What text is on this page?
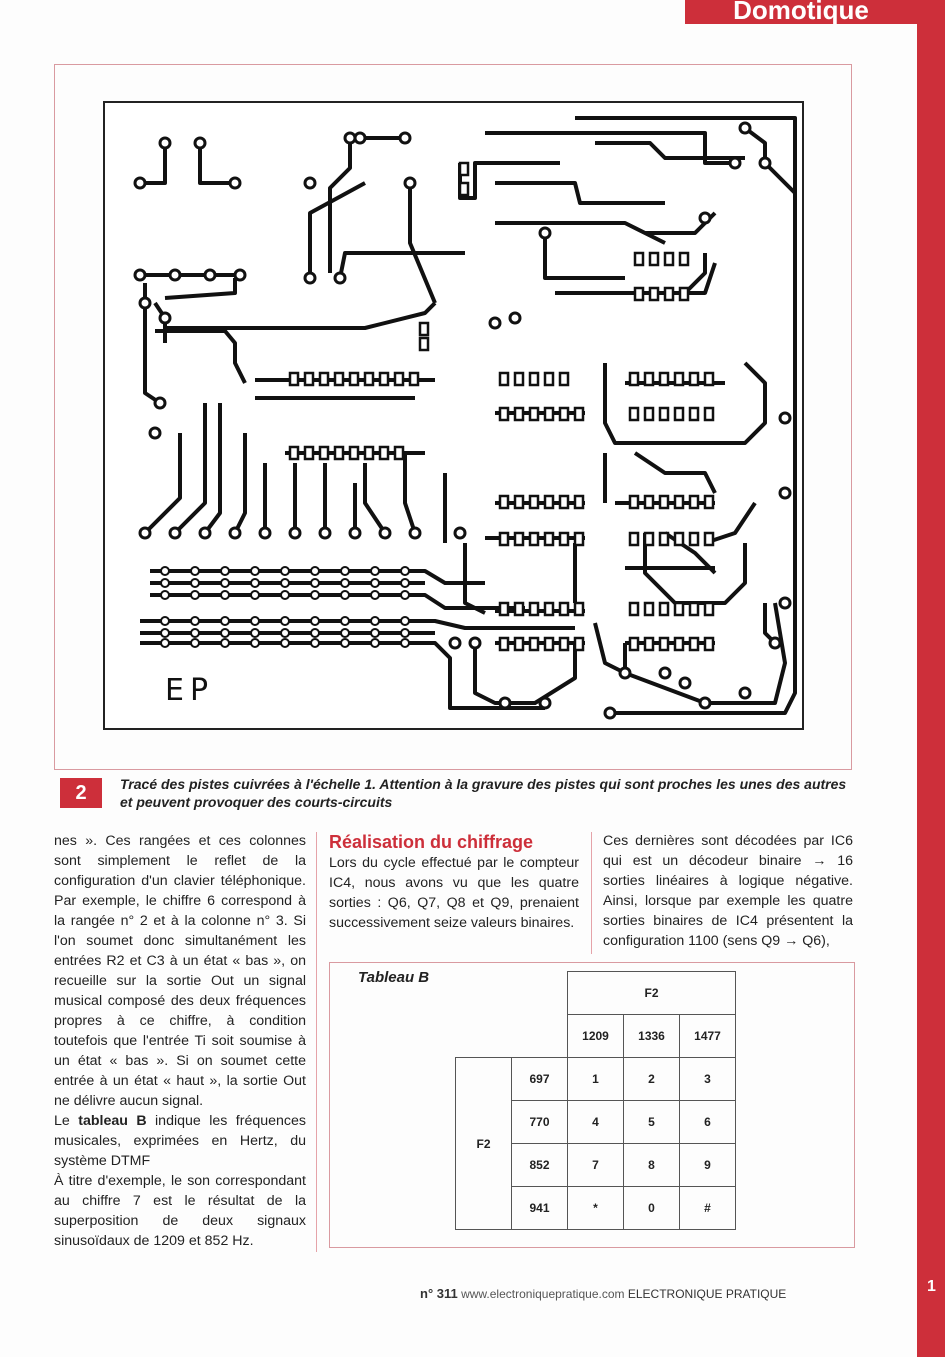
Domotique
1
EP
2	Tracé des pistes cuivrées à l'échelle 1. Attention à la gravure des pistes qui sont proches les unes des autres et peuvent provoquer des courts-circuits

nes ». Ces rangées et ces colonnes sont simplement le reflet de la configuration d'un clavier téléphonique. Par exemple, le chiffre 6 correspond à la rangée n° 2 et à la colonne n° 3. Si l'on soumet donc simultanément les entrées R2 et C3 à un état « bas », on recueille sur la sortie Out un signal musical composé des deux fréquences propres à ce chiffre, à condition toutefois que l'entrée Ti soit soumise à un état « bas ». Si on soumet cette entrée à un état « haut », la sortie Out ne délivre aucun signal.

Le tableau B indique les fréquences musicales, exprimées en Hertz, du système DTMF

À titre d'exemple, le son correspondant au chiffre 7 est le résultat de la superposition de deux signaux sinusoïdaux de 1209 et 852 Hz.

Réalisation du chiffrage

Lors du cycle effectué par le compteur IC4, nous avons vu que les quatre sorties : Q6, Q7, Q8 et Q9, prenaient successivement seize valeurs binaires.

Ces dernières sont décodées par IC6 qui est un décodeur binaire → 16 sorties linéaires à logique négative. Ainsi, lorsque par exemple les quatre sorties binaires de IC4 présentent la configuration 1100 (sens Q9 → Q6),

Tableau B
		F2		
		1209	1336	1477
F2	697	1	2	3
	770	4	5	6
	852	7	8	9
	941	*	0	#
n° 311 www.electroniquepratique.com ELECTRONIQUE PRATIQUE
